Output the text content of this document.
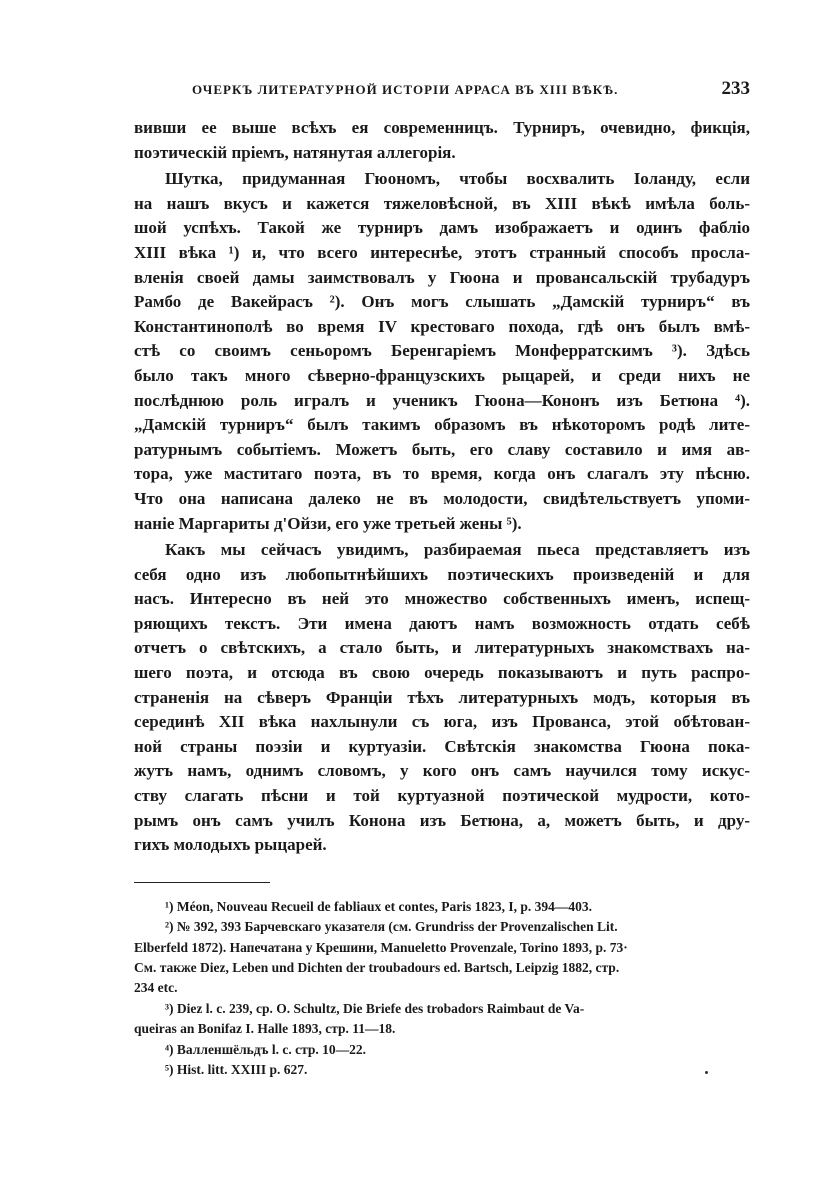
ОЧЕРКЪ ЛИТЕРАТУРНОЙ ИСТОРІИ АРРАСА ВЪ XIII ВѢКѢ.	233

вивши ее выше всѣхъ ея современницъ. Турниръ, очевидно, фикція,
поэтическій пріемъ, натянутая аллегорія.

Шутка, придуманная Гюономъ, чтобы восхвалить Іоланду, если
на нашъ вкусъ и кажется тяжеловѣсной, въ XIII вѣкѣ имѣла боль-
шой успѣхъ. Такой же турниръ дамъ изображаетъ и одинъ фабліо
XIII вѣка ¹) и, что всего интереснѣе, этотъ странный способъ просла-
вленія своей дамы заимствовалъ у Гюона и провансальскій трубадуръ
Рамбо де Вакейрасъ ²). Онъ могъ слышать „Дамскій турниръ“ въ
Константинополѣ во время IV крестоваго похода, гдѣ онъ былъ вмѣ-
стѣ со своимъ сеньоромъ Беренгаріемъ Монферратскимъ ³). Здѣсь
было такъ много сѣверно-французскихъ рыцарей, и среди нихъ не
послѣднюю роль игралъ и ученикъ Гюона—Кононъ изъ Бетюна ⁴).
„Дамскій турниръ“ былъ такимъ образомъ въ нѣкоторомъ родѣ лите-
ратурнымъ событіемъ. Можетъ быть, его славу составило и имя ав-
тора, уже маститаго поэта, въ то время, когда онъ слагалъ эту пѣсню.
Что она написана далеко не въ молодости, свидѣтельствуетъ упоми-
наніе Маргариты д'Ойзи, его уже третьей жены ⁵).

Какъ мы сейчасъ увидимъ, разбираемая пьеса представляетъ изъ
себя одно изъ любопытнѣйшихъ поэтическихъ произведеній и для
насъ. Интересно въ ней это множество собственныхъ именъ, испещ-
ряющихъ текстъ. Эти имена даютъ намъ возможность отдать себѣ
отчетъ о свѣтскихъ, а стало быть, и литературныхъ знакомствахъ на-
шего поэта, и отсюда въ свою очередь показываютъ и путь распро-
страненія на сѣверъ Франціи тѣхъ литературныхъ модъ, которыя въ
серединѣ XII вѣка нахлынули съ юга, изъ Прованса, этой обѣтован-
ной страны поэзіи и куртуазіи. Свѣтскія знакомства Гюона пока-
жутъ намъ, однимъ словомъ, у кого онъ самъ научился тому искус-
ству слагать пѣсни и той куртуазной поэтической мудрости, кото-
рымъ онъ самъ училъ Конона изъ Бетюна, а, можетъ быть, и дру-
гихъ молодыхъ рыцарей.

¹) Méon, Nouveau Recueil de fabliaux et contes, Paris 1823, I, p. 394—403.
²) № 392, 393 Барчевскаго указателя (см. Grundriss der Provenzalischen Lit.
Elberfeld 1872). Напечатана у Крешини, Manueletto Provenzale, Torino 1893, p. 73·
См. также Diez, Leben und Dichten der troubadours ed. Bartsch, Leipzig 1882, стр.
234 etc.
³) Diez l. c. 239, cp. O. Schultz, Die Briefe des trobadors Raimbaut de Va-
queiras an Bonifaz I. Halle 1893, стр. 11—18.
⁴) Валленшёльдъ l. c. стр. 10—22.
⁵) Hist. litt. XXIII p. 627.
